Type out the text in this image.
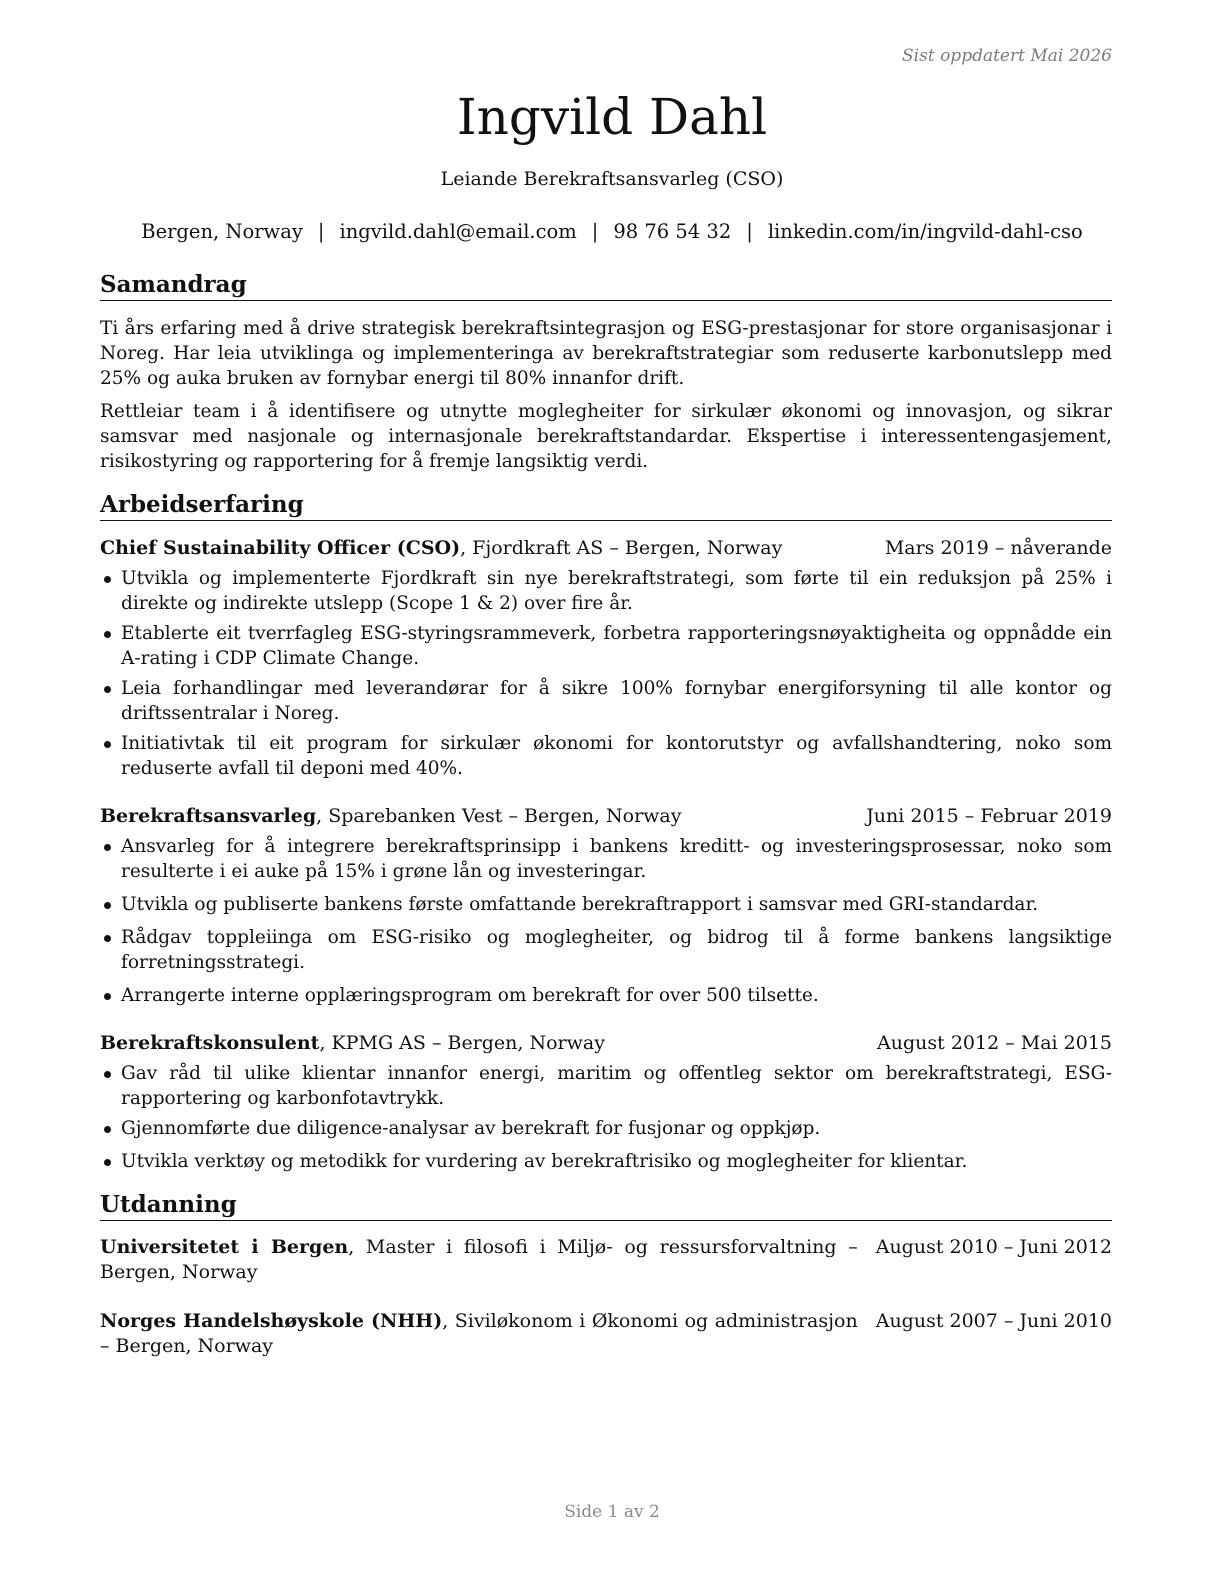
Sist oppdatert Mai 2026
Ingvild Dahl
Leiande Berekraftsansvarleg (CSO)
Bergen, Norway | ingvild.dahl@email.com | 98 76 54 32 | linkedin.com/in/ingvild-dahl-cso
Samandrag

Ti års erfaring med å drive strategisk berekraftsintegrasjon og ESG-prestasjonar for store organisasjonar i Noreg. Har leia utviklinga og implementeringa av berekraftstrategiar som reduserte karbonutslepp med 25% og auka bruken av fornybar energi til 80% innanfor drift.

Rettleiar team i å identifisere og utnytte moglegheiter for sirkulær økonomi og innovasjon, og sikrar samsvar med nasjonale og internasjonale berekraftstandardar. Ekspertise i interessentengasjement, risikostyring og rapportering for å fremje langsiktig verdi.

Arbeidserfaring
Chief Sustainability Officer (CSO), Fjordkraft AS – Bergen, Norway	Mars 2019 – nåverande
Utvikla og implementerte Fjordkraft sin nye berekraftstrategi, som førte til ein reduksjon på 25% i direkte og indirekte utslepp (Scope 1 & 2) over fire år.
Etablerte eit tverrfagleg ESG-styringsrammeverk, forbetra rapporteringsnøyaktigheita og oppnådde ein A-rating i CDP Climate Change.
Leia forhandlingar med leverandørar for å sikre 100% fornybar energiforsyning til alle kontor og driftssentralar i Noreg.
Initiativtak til eit program for sirkulær økonomi for kontorutstyr og avfallshandtering, noko som reduserte avfall til deponi med 40%.
Berekraftsansvarleg, Sparebanken Vest – Bergen, Norway	Juni 2015 – Februar 2019
Ansvarleg for å integrere berekraftsprinsipp i bankens kreditt- og investeringsprosessar, noko som resulterte i ei auke på 15% i grøne lån og investeringar.
Utvikla og publiserte bankens første omfattande berekraftrapport i samsvar med GRI-standardar.
Rådgav toppleiinga om ESG-risiko og moglegheiter, og bidrog til å forme bankens langsiktige forretningsstrategi.
Arrangerte interne opplæringsprogram om berekraft for over 500 tilsette.
Berekraftskonsulent, KPMG AS – Bergen, Norway	August 2012 – Mai 2015
Gav råd til ulike klientar innanfor energi, maritim og offentleg sektor om berekraftstrategi, ESG-rapportering og karbonfotavtrykk.
Gjennomførte due diligence-analysar av berekraft for fusjonar og oppkjøp.
Utvikla verktøy og metodikk for vurdering av berekraftrisiko og moglegheiter for klientar.
Utdanning
Universitetet i Bergen, Master i filosofi i Miljø- og ressursforvaltning – Bergen, Norway
August 2010 – Juni 2012
Norges Handelshøyskole (NHH), Siviløkonom i Økonomi og administrasjon – Bergen, Norway
August 2007 – Juni 2010
Side 1 av 2
